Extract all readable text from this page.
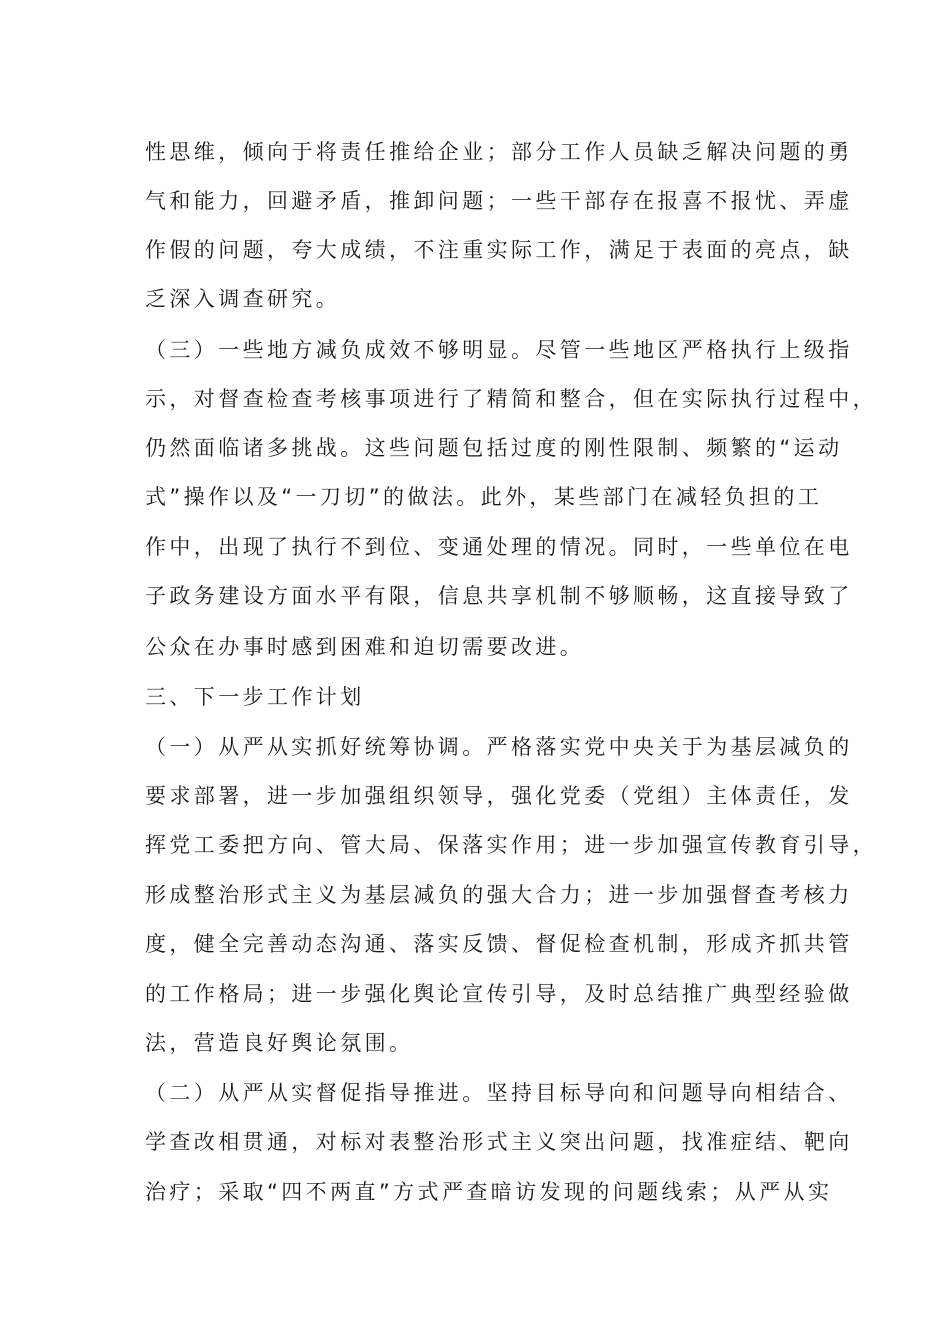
性思维，倾向于将责任推给企业；部分工作人员缺乏解决问题的勇

气和能力，回避矛盾，推卸问题；一些干部存在报喜不报忧、弄虚

作假的问题，夸大成绩，不注重实际工作，满足于表面的亮点，缺

乏深入调查研究。

（三）一些地方减负成效不够明显。尽管一些地区严格执行上级指

示，对督查检查考核事项进行了精简和整合，但在实际执行过程中，

仍然面临诸多挑战。这些问题包括过度的刚性限制、频繁的“运动

式”操作以及“一刀切”的做法。此外，某些部门在减轻负担的工

作中，出现了执行不到位、变通处理的情况。同时，一些单位在电

子政务建设方面水平有限，信息共享机制不够顺畅，这直接导致了

公众在办事时感到困难和迫切需要改进。

三、下一步工作计划

（一）从严从实抓好统筹协调。严格落实党中央关于为基层减负的

要求部署，进一步加强组织领导，强化党委（党组）主体责任，发

挥党工委把方向、管大局、保落实作用；进一步加强宣传教育引导，

形成整治形式主义为基层减负的强大合力；进一步加强督查考核力

度，健全完善动态沟通、落实反馈、督促检查机制，形成齐抓共管

的工作格局；进一步强化舆论宣传引导，及时总结推广典型经验做

法，营造良好舆论氛围。

（二）从严从实督促指导推进。坚持目标导向和问题导向相结合、

学查改相贯通，对标对表整治形式主义突出问题，找准症结、靶向

治疗；采取“四不两直”方式严查暗访发现的问题线索；从严从实
